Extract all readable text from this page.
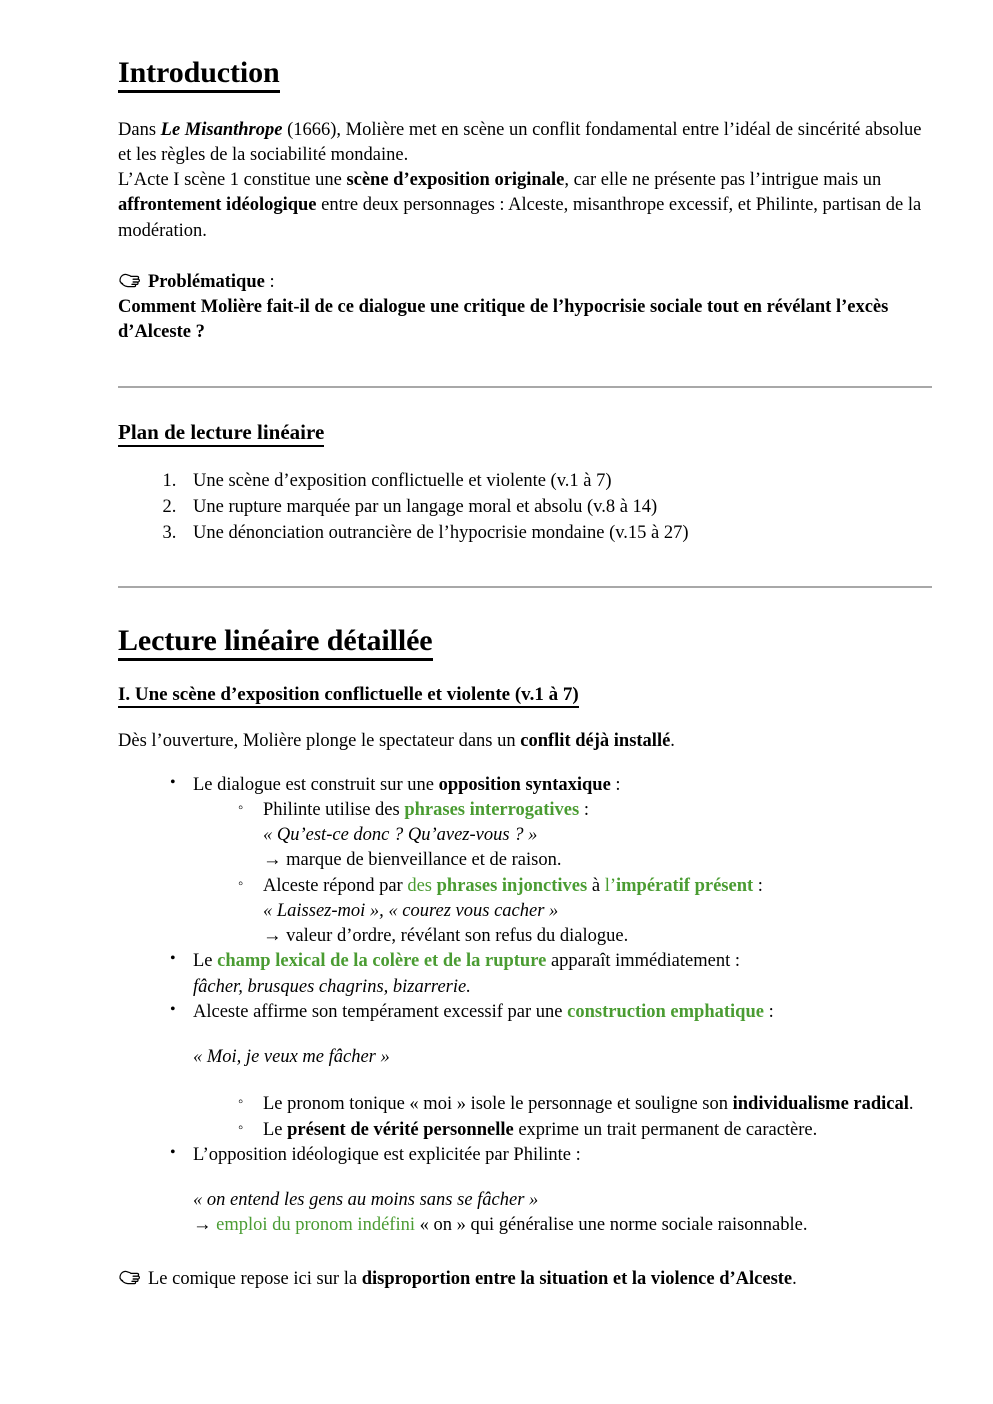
Introduction

Dans Le Misanthrope (1666), Molière met en scène un conflit fondamental entre l’idéal de sincérité absolue et les règles de la sociabilité mondaine.

L’Acte I scène 1 constitue une scène d’exposition originale, car elle ne présente pas l’intrigue mais un affrontement idéologique entre deux personnages : Alceste, misanthrope excessif, et Philinte, partisan de la modération.

Problématique :

Comment Molière fait-il de ce dialogue une critique de l’hypocrisie sociale tout en révélant l’excès d’Alceste ?

Plan de lecture linéaire
1. Une scène d’exposition conflictuelle et violente (v.1 à 7)
2. Une rupture marquée par un langage moral et absolu (v.8 à 14)
3. Une dénonciation outrancière de l’hypocrisie mondaine (v.15 à 27)
Lecture linéaire détaillée
I. Une scène d’exposition conflictuelle et violente (v.1 à 7)

Dès l’ouverture, Molière plonge le spectateur dans un conflit déjà installé.

• Le dialogue est construit sur une opposition syntaxique :
◦ Philinte utilise des phrases interrogatives :
« Qu’est-ce donc ? Qu’avez-vous ? »
→ marque de bienveillance et de raison.
◦ Alceste répond par des phrases injonctives à l’impératif présent :
« Laissez-moi », « courez vous cacher »
→ valeur d’ordre, révélant son refus du dialogue.
• Le champ lexical de la colère et de la rupture apparaît immédiatement :
fâcher, brusques chagrins, bizarrerie.
• Alceste affirme son tempérament excessif par une construction emphatique :
« Moi, je veux me fâcher »
◦ Le pronom tonique « moi » isole le personnage et souligne son individualisme radical.
◦ Le présent de vérité personnelle exprime un trait permanent de caractère.
• L’opposition idéologique est explicitée par Philinte :
« on entend les gens au moins sans se fâcher »
→ emploi du pronom indéfini « on » qui généralise une norme sociale raisonnable.

Le comique repose ici sur la disproportion entre la situation et la violence d’Alceste.
